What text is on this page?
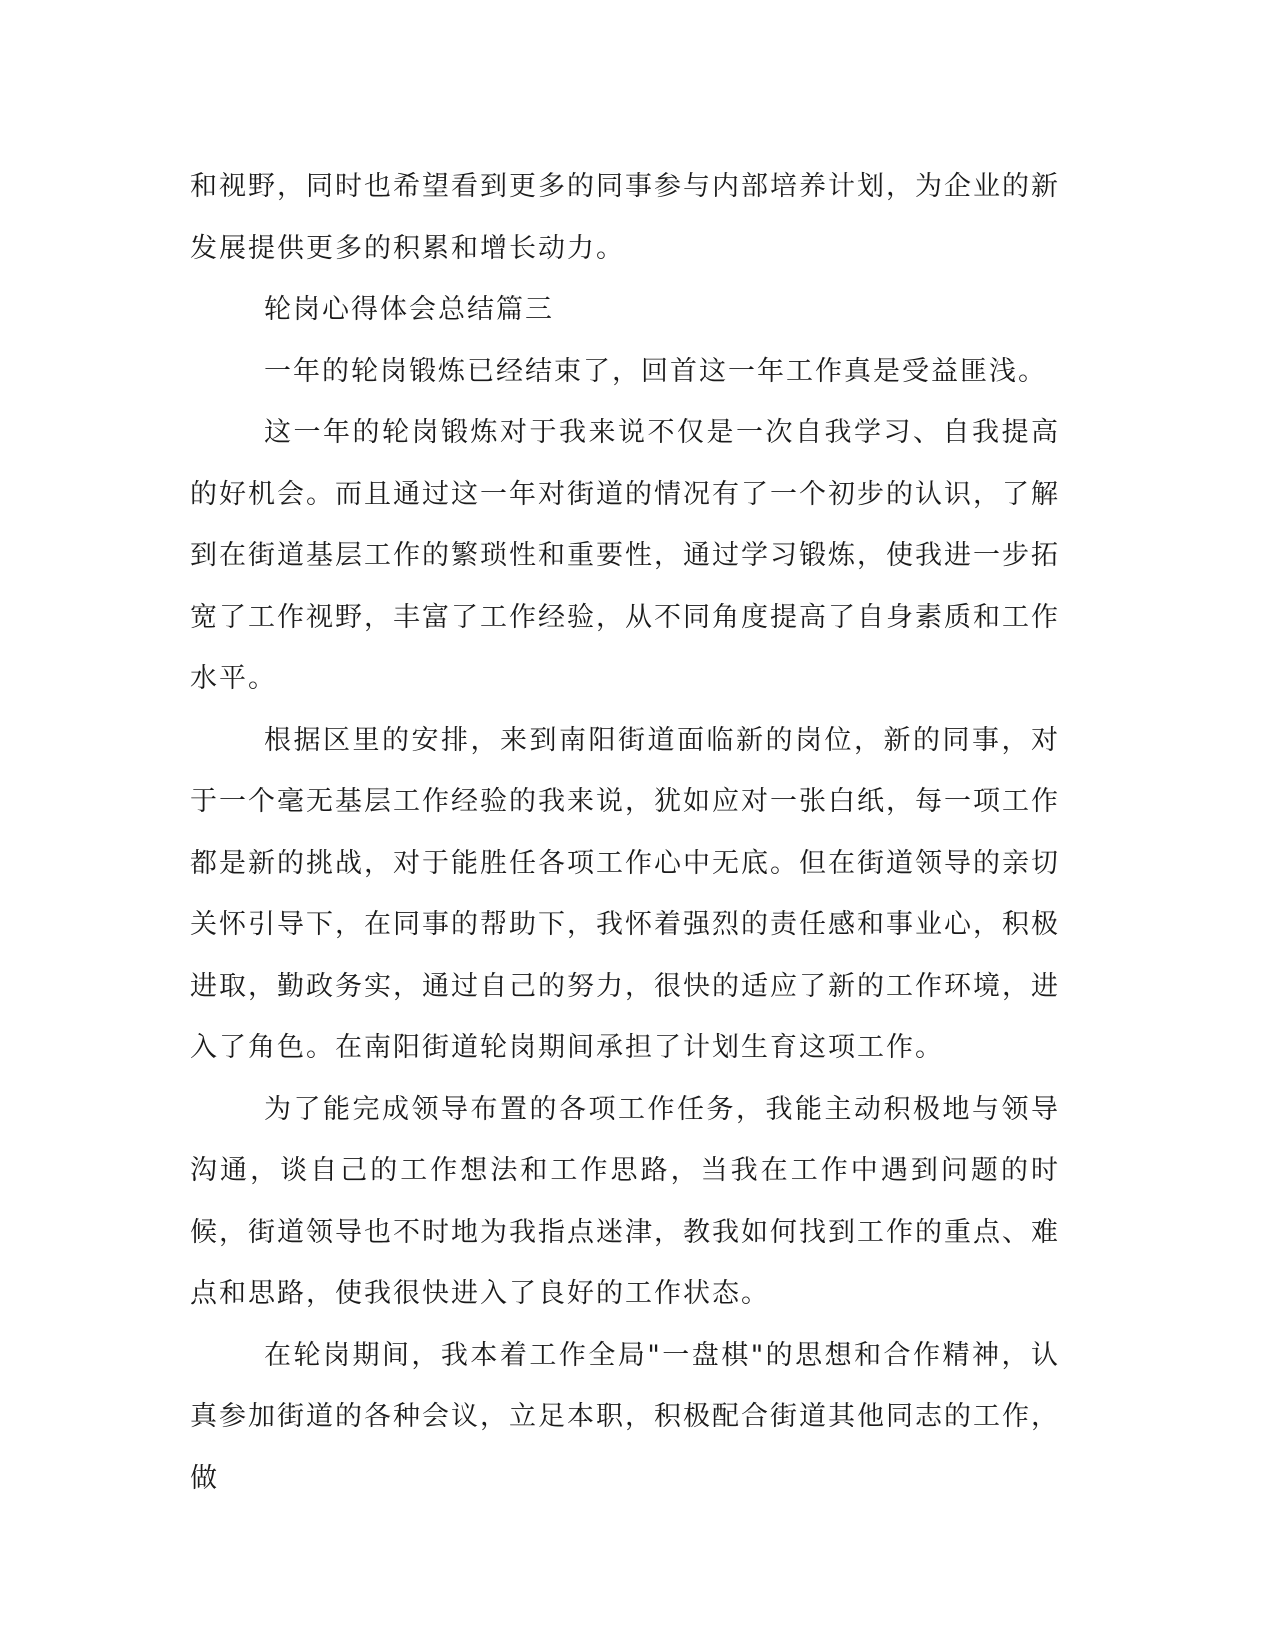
和视野，同时也希望看到更多的同事参与内部培养计划，为企业的新发展提供更多的积累和增长动力。

轮岗心得体会总结篇三

一年的轮岗锻炼已经结束了，回首这一年工作真是受益匪浅。

这一年的轮岗锻炼对于我来说不仅是一次自我学习、自我提高的好机会。而且通过这一年对街道的情况有了一个初步的认识，了解到在街道基层工作的繁琐性和重要性，通过学习锻炼，使我进一步拓宽了工作视野，丰富了工作经验，从不同角度提高了自身素质和工作水平。

根据区里的安排，来到南阳街道面临新的岗位，新的同事，对于一个毫无基层工作经验的我来说，犹如应对一张白纸，每一项工作都是新的挑战，对于能胜任各项工作心中无底。但在街道领导的亲切关怀引导下，在同事的帮助下，我怀着强烈的责任感和事业心，积极进取，勤政务实，通过自己的努力，很快的适应了新的工作环境，进入了角色。在南阳街道轮岗期间承担了计划生育这项工作。

为了能完成领导布置的各项工作任务，我能主动积极地与领导沟通，谈自己的工作想法和工作思路，当我在工作中遇到问题的时候，街道领导也不时地为我指点迷津，教我如何找到工作的重点、难点和思路，使我很快进入了良好的工作状态。

在轮岗期间，我本着工作全局"一盘棋"的思想和合作精神，认真参加街道的各种会议，立足本职，积极配合街道其他同志的工作，做
